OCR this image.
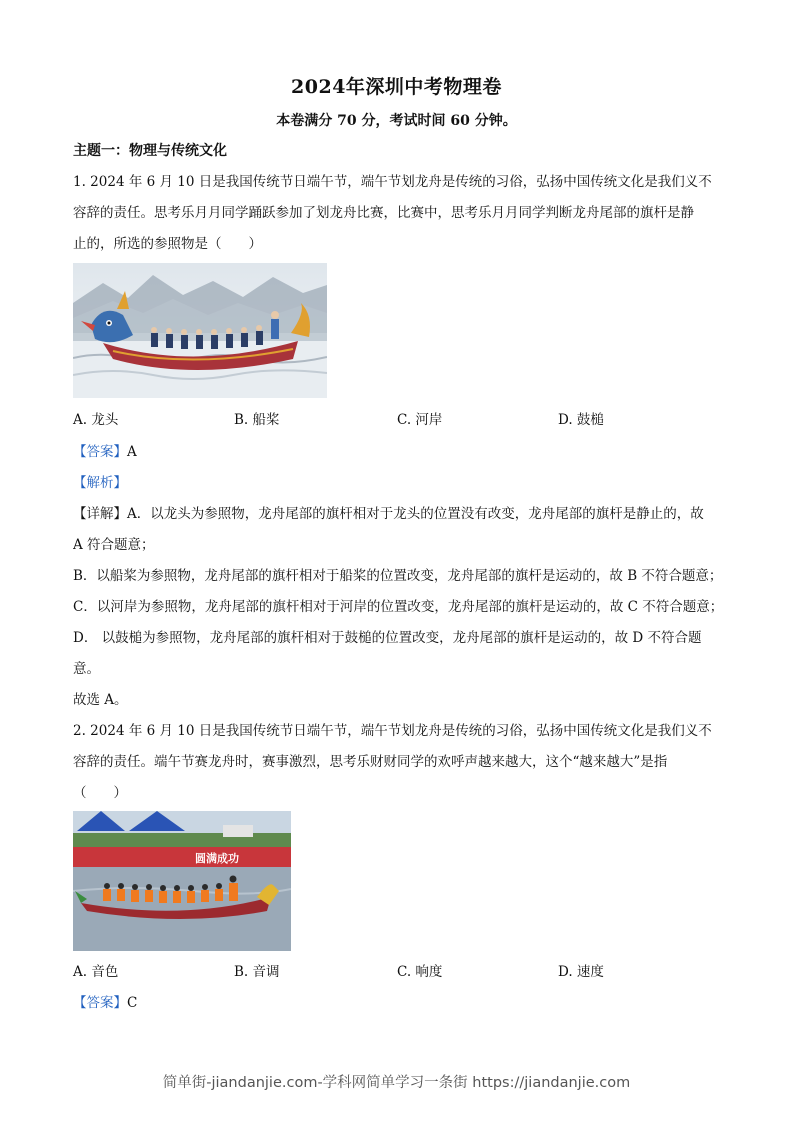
2024年深圳中考物理卷
本卷满分 70 分，考试时间 60 分钟。
主题一：物理与传统文化
1. 2024 年 6 月 10 日是我国传统节日端午节，端午节划龙舟是传统的习俗，弘扬中国传统文化是我们义不
容辞的责任。思考乐月月同学踊跃参加了划龙舟比赛，比赛中，思考乐月月同学判断龙舟尾部的旗杆是静
止的，所选的参照物是（　　）
A. 龙头	B. 船桨	C. 河岸	D. 鼓槌
【答案】A
【解析】
【详解】A．以龙头为参照物，龙舟尾部的旗杆相对于龙头的位置没有改变，龙舟尾部的旗杆是静止的，故
A 符合题意；
B．以船桨为参照物，龙舟尾部的旗杆相对于船桨的位置改变，龙舟尾部的旗杆是运动的，故 B 不符合题意；
C．以河岸为参照物，龙舟尾部的旗杆相对于河岸的位置改变，龙舟尾部的旗杆是运动的，故 C 不符合题意；
D． 以鼓槌为参照物，龙舟尾部的旗杆相对于鼓槌的位置改变，龙舟尾部的旗杆是运动的，故 D 不符合题
意。
故选 A。
2. 2024 年 6 月 10 日是我国传统节日端午节，端午节划龙舟是传统的习俗，弘扬中国传统文化是我们义不
容辞的责任。端午节赛龙舟时，赛事激烈，思考乐财财同学的欢呼声越来越大，这个“越来越大”是指
（　　）
圆满成功
A. 音色	B. 音调	C. 响度	D. 速度
【答案】C
简单街-jiandanjie.com-学科网简单学习一条街 https://jiandanjie.com
